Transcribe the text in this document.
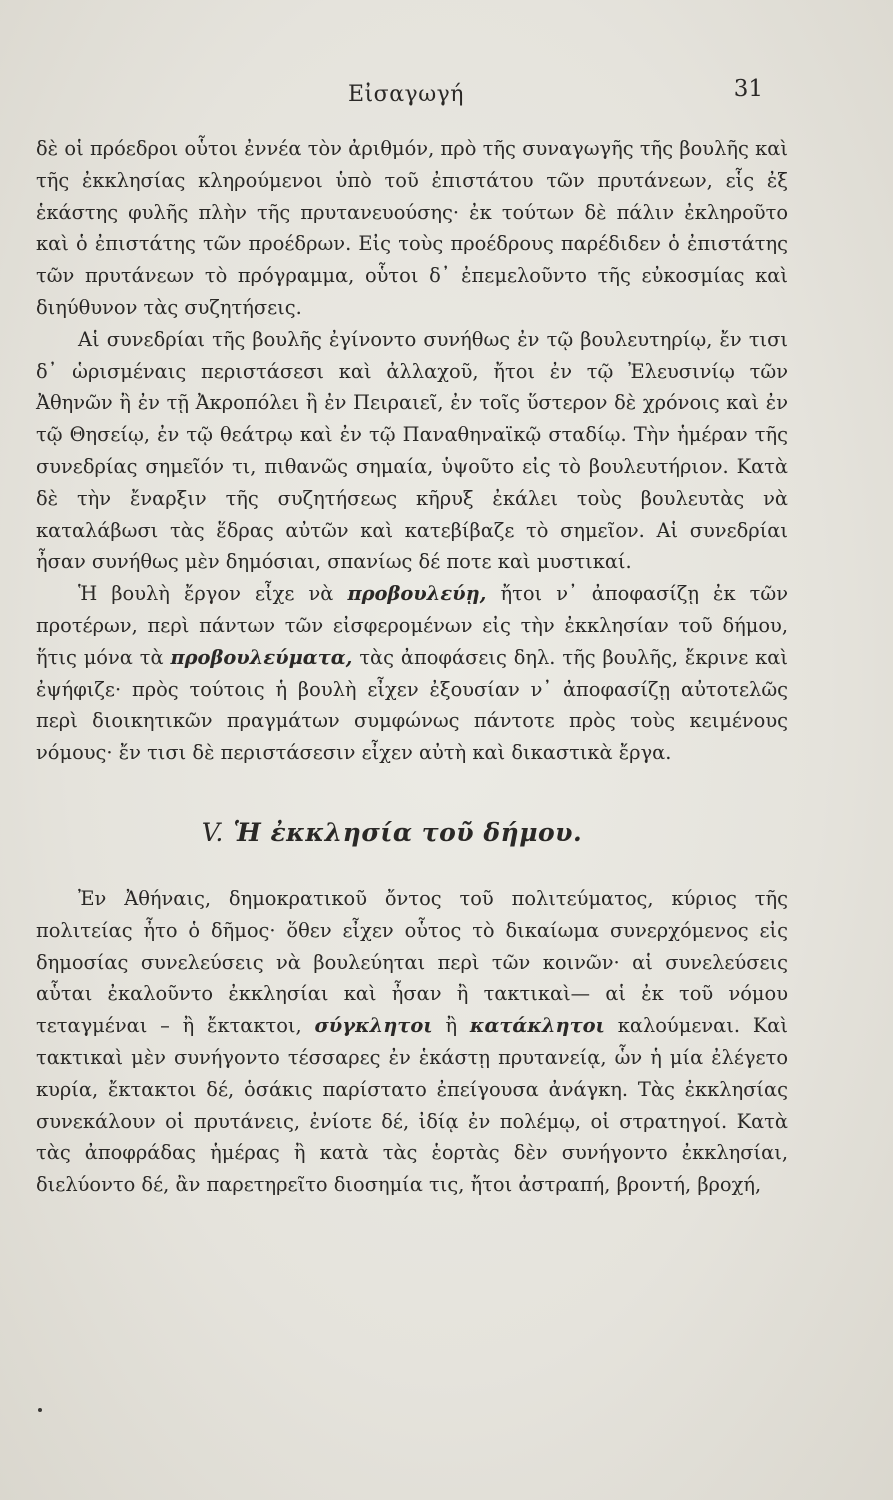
Εἰσαγωγή	31

δὲ οἱ πρόεδροι οὗτοι ἐννέα τὸν ἀριθμόν, πρὸ τῆς συναγωγῆς τῆς βουλῆς καὶ τῆς ἐκκλησίας κληρούμενοι ὑπὸ τοῦ ἐπιστάτου τῶν πρυτάνεων, εἷς ἐξ ἑκάστης φυλῆς πλὴν τῆς πρυτανευούσης· ἐκ τούτων δὲ πάλιν ἐκληροῦτο καὶ ὁ ἐπιστάτης τῶν προέδρων. Εἰς τοὺς προέδρους παρέδιδεν ὁ ἐπιστάτης τῶν πρυτάνεων τὸ πρόγραμμα, οὗτοι δ᾽ ἐπεμελοῦντο τῆς εὐκοσμίας καὶ διηύθυνον τὰς συζητήσεις.

Αἱ συνεδρίαι τῆς βουλῆς ἐγίνοντο συνήθως ἐν τῷ βουλευτηρίῳ, ἔν τισι δ᾽ ὡρισμέναις περιστάσεσι καὶ ἀλλαχοῦ, ἤτοι ἐν τῷ Ἐλευσινίῳ τῶν Ἀθηνῶν ἢ ἐν τῇ Ἀκροπόλει ἢ ἐν Πειραιεῖ, ἐν τοῖς ὕστερον δὲ χρόνοις καὶ ἐν τῷ Θησείῳ, ἐν τῷ θεάτρῳ καὶ ἐν τῷ Παναθηναϊκῷ σταδίῳ. Τὴν ἡμέραν τῆς συνεδρίας σημεῖόν τι, πιθανῶς σημαία, ὑψοῦτο εἰς τὸ βουλευτήριον. Κατὰ δὲ τὴν ἔναρξιν τῆς συζητήσεως κῆρυξ ἐκάλει τοὺς βουλευτὰς νὰ καταλάβωσι τὰς ἕδρας αὐτῶν καὶ κατεβίβαζε τὸ σημεῖον. Αἱ συνεδρίαι ἦσαν συνήθως μὲν δημόσιαι, σπανίως δέ ποτε καὶ μυστικαί.

Ἡ βουλὴ ἔργον εἶχε νὰ προβουλεύῃ, ἤτοι ν᾽ ἀποφασίζῃ ἐκ τῶν προτέρων, περὶ πάντων τῶν εἰσφερομένων εἰς τὴν ἐκκλησίαν τοῦ δήμου, ἥτις μόνα τὰ προβουλεύματα, τὰς ἀποφάσεις δηλ. τῆς βουλῆς, ἔκρινε καὶ ἐψήφιζε· πρὸς τούτοις ἡ βουλὴ εἶχεν ἐξουσίαν ν᾽ ἀποφασίζῃ αὐτοτελῶς περὶ διοικητικῶν πραγμάτων συμφώνως πάντοτε πρὸς τοὺς κειμένους νόμους· ἔν τισι δὲ περιστάσεσιν εἶχεν αὐτὴ καὶ δικαστικὰ ἔργα.

V. Ἡ ἐκκλησία τοῦ δήμου.

Ἐν Ἀθήναις, δημοκρατικοῦ ὄντος τοῦ πολιτεύματος, κύριος τῆς πολιτείας ἦτο ὁ δῆμος· ὅθεν εἶχεν οὗτος τὸ δικαίωμα συνερχόμενος εἰς δημοσίας συνελεύσεις νὰ βουλεύηται περὶ τῶν κοινῶν· αἱ συνελεύσεις αὗται ἐκαλοῦντο ἐκκλησίαι καὶ ἦσαν ἢ τακτικαὶ— αἱ ἐκ τοῦ νόμου τεταγμέναι – ἢ ἔκτακτοι, σύγκλητοι ἢ κατάκλητοι καλούμεναι. Καὶ τακτικαὶ μὲν συνήγοντο τέσσαρες ἐν ἑκάστῃ πρυτανείᾳ, ὧν ἡ μία ἐλέγετο κυρία, ἔκτακτοι δέ, ὁσάκις παρίστατο ἐπείγουσα ἀνάγκη. Τὰς ἐκκλησίας συνεκάλουν οἱ πρυτάνεις, ἐνίοτε δέ, ἰδίᾳ ἐν πολέμῳ, οἱ στρατηγοί. Κατὰ τὰς ἀποφράδας ἡμέρας ἢ κατὰ τὰς ἑορτὰς δὲν συνήγοντο ἐκκλησίαι, διελύοντο δέ, ἂν παρετηρεῖτο διοσημία τις, ἤτοι ἀστραπή, βροντή, βροχή,
